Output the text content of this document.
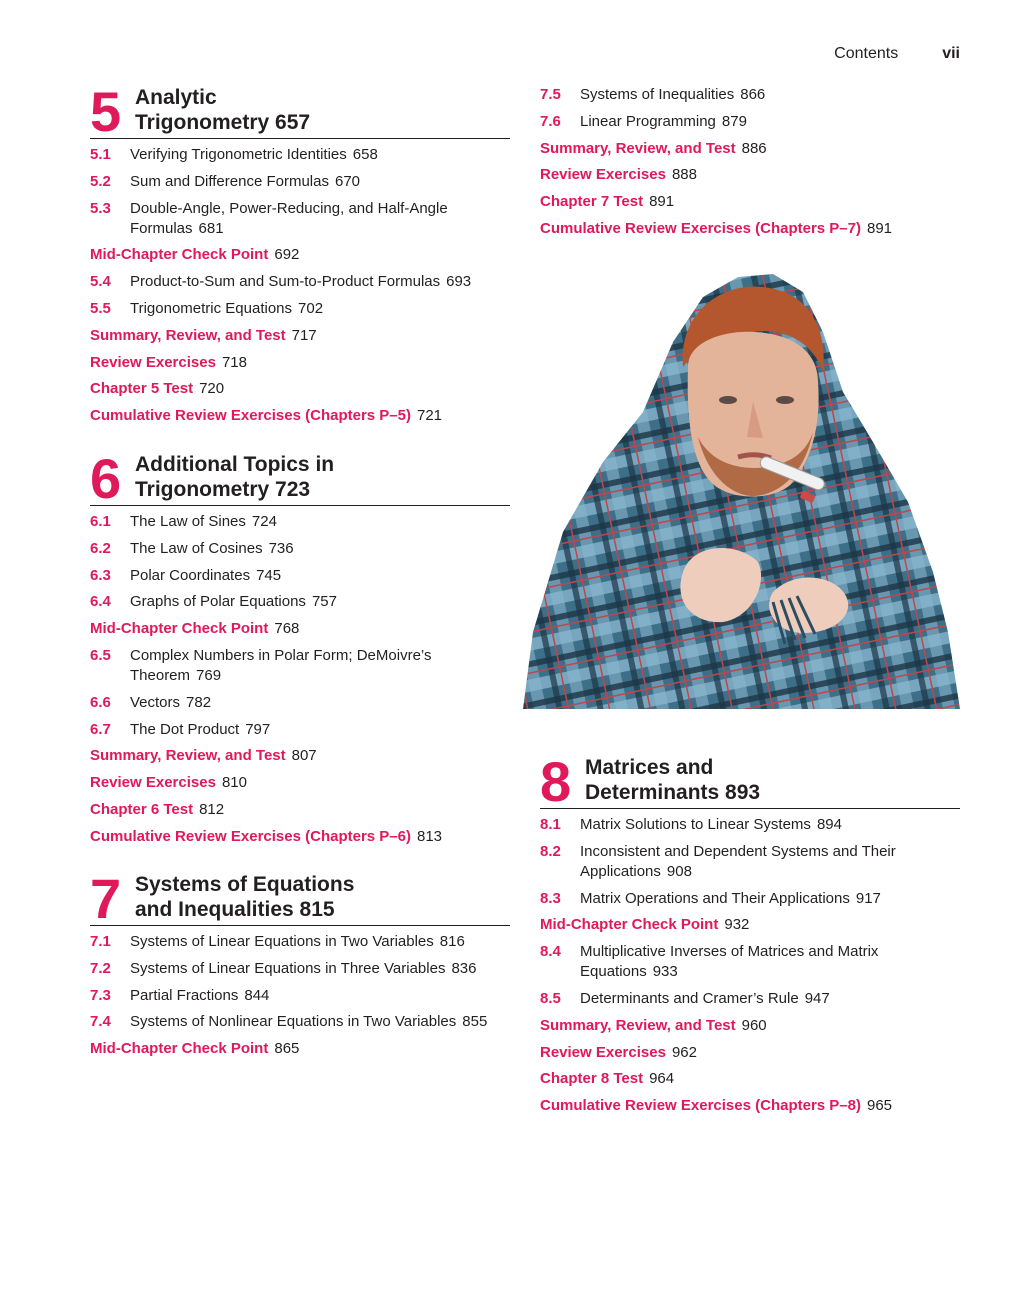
Contents	vii
5 Analytic
Trigonometry 657
5.1	Verifying Trigonometric Identities 658
5.2	Sum and Difference Formulas 670
5.3	Double-Angle, Power-Reducing, and Half-Angle
Formulas 681
Mid-Chapter Check Point 692
5.4	Product-to-Sum and Sum-to-Product Formulas 693
5.5	Trigonometric Equations 702
Summary, Review, and Test 717
Review Exercises 718
Chapter 5 Test 720
Cumulative Review Exercises (Chapters P–5) 721
6 Additional Topics in
Trigonometry 723
6.1	The Law of Sines 724
6.2	The Law of Cosines 736
6.3	Polar Coordinates 745
6.4	Graphs of Polar Equations 757
Mid-Chapter Check Point 768
6.5	Complex Numbers in Polar Form; DeMoivre’s
Theorem 769
6.6	Vectors 782
6.7	The Dot Product 797
Summary, Review, and Test 807
Review Exercises 810
Chapter 6 Test 812
Cumulative Review Exercises (Chapters P–6) 813
7 Systems of Equations
and Inequalities 815
7.1	Systems of Linear Equations in Two Variables 816
7.2	Systems of Linear Equations in Three Variables 836
7.3	Partial Fractions 844
7.4	Systems of Nonlinear Equations in Two Variables 855
Mid-Chapter Check Point 865
7.5	Systems of Inequalities 866
7.6	Linear Programming 879
Summary, Review, and Test 886
Review Exercises 888
Chapter 7 Test 891
Cumulative Review Exercises (Chapters P–7) 891
8 Matrices and
Determinants 893
8.1	Matrix Solutions to Linear Systems 894
8.2	Inconsistent and Dependent Systems and Their
Applications 908
8.3	Matrix Operations and Their Applications 917
Mid-Chapter Check Point 932
8.4	Multiplicative Inverses of Matrices and Matrix
Equations 933
8.5	Determinants and Cramer’s Rule 947
Summary, Review, and Test 960
Review Exercises 962
Chapter 8 Test 964
Cumulative Review Exercises (Chapters P–8) 965
